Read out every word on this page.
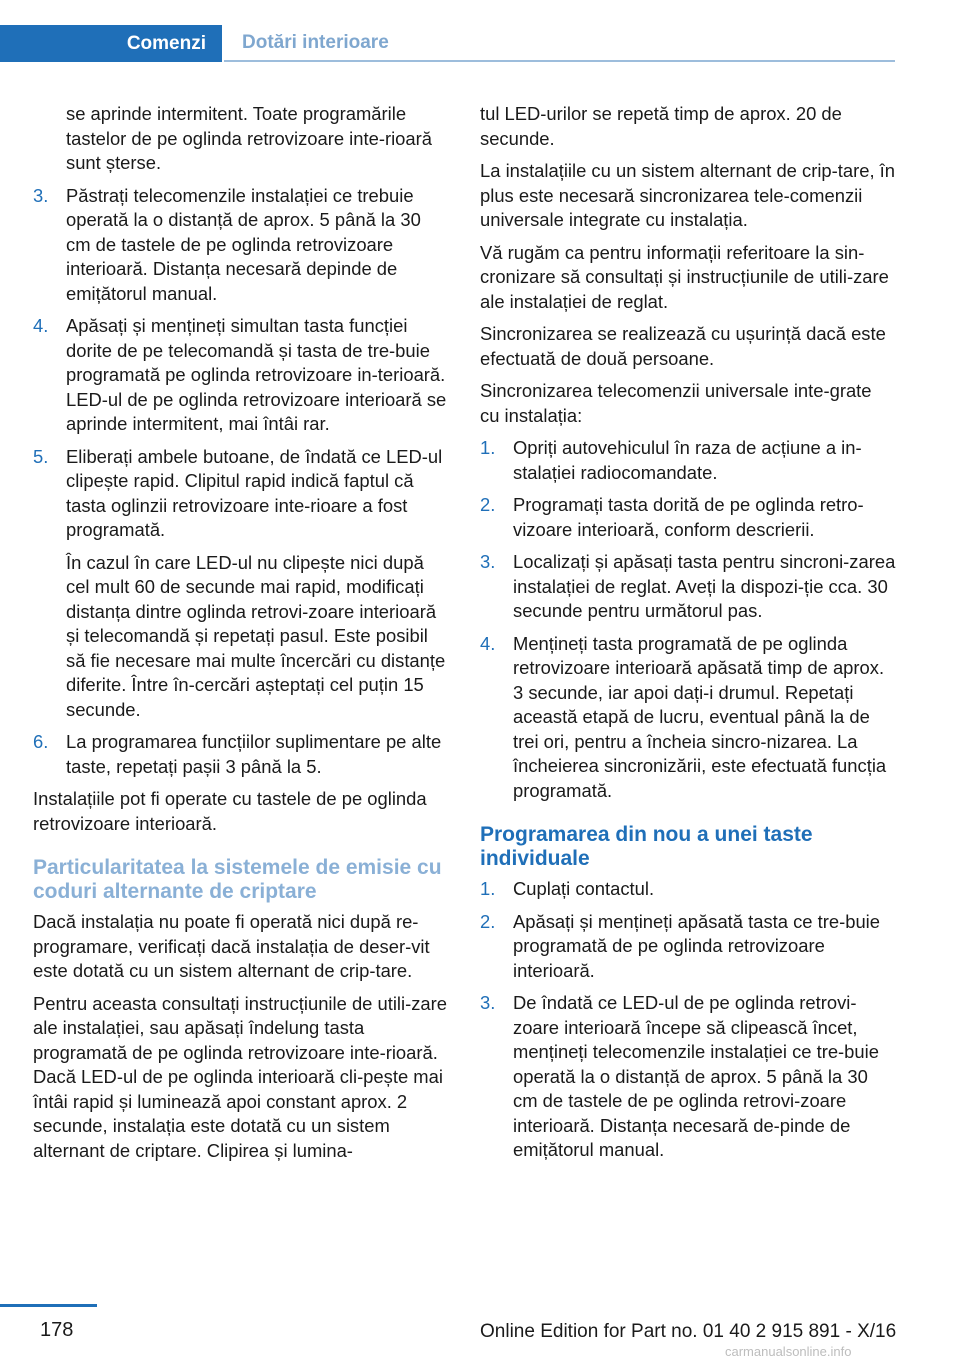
Comenzi	Dotări interioare

se aprinde intermitent. Toate programările tastelor de pe oglinda retrovizoare inte-rioară sunt șterse.

3. Păstrați telecomenzile instalației ce trebuie operată la o distanță de aprox. 5 până la 30 cm de tastele de pe oglinda retrovizoare interioară. Distanța necesară depinde de emițătorul manual.
4. Apăsați și mențineți simultan tasta funcției dorite de pe telecomandă și tasta de tre-buie programată pe oglinda retrovizoare in-terioară. LED-ul de pe oglinda retrovizoare interioară se aprinde intermitent, mai întâi rar.
5. Eliberați ambele butoane, de îndată ce LED-ul clipește rapid. Clipitul rapid indică faptul că tasta oglinzii retrovizoare inte-rioare a fost programată.
În cazul în care LED-ul nu clipește nici după cel mult 60 de secunde mai rapid, modificați distanța dintre oglinda retrovi-zoare interioară și telecomandă și repetați pasul. Este posibil să fie necesare mai multe încercări cu distanțe diferite. Între în-cercări așteptați cel puțin 15 secunde.
6. La programarea funcțiilor suplimentare pe alte taste, repetați pașii 3 până la 5.

Instalațiile pot fi operate cu tastele de pe oglinda retrovizoare interioară.

Particularitatea la sistemele de emisie cu coduri alternante de criptare

Dacă instalația nu poate fi operată nici după re-programare, verificați dacă instalația de deser-vit este dotată cu un sistem alternant de crip-tare.

Pentru aceasta consultați instrucțiunile de utili-zare ale instalației, sau apăsați îndelung tasta programată de pe oglinda retrovizoare inte-rioară. Dacă LED-ul de pe oglinda interioară cli-pește mai întâi rapid și luminează apoi constant aprox. 2 secunde, instalația este dotată cu un sistem alternant de criptare. Clipirea și lumina-

tul LED-urilor se repetă timp de aprox. 20 de secunde.

La instalațiile cu un sistem alternant de crip-tare, în plus este necesară sincronizarea tele-comenzii universale integrate cu instalația.

Vă rugăm ca pentru informații referitoare la sin-cronizare să consultați și instrucțiunile de utili-zare ale instalației de reglat.

Sincronizarea se realizează cu ușurință dacă este efectuată de două persoane.

Sincronizarea telecomenzii universale inte-grate cu instalația:

1. Opriți autovehiculul în raza de acțiune a in-stalației radiocomandate.
2. Programați tasta dorită de pe oglinda retro-vizoare interioară, conform descrierii.
3. Localizați și apăsați tasta pentru sincroni-zarea instalației de reglat. Aveți la dispozi-ție cca. 30 secunde pentru următorul pas.
4. Mențineți tasta programată de pe oglinda retrovizoare interioară apăsată timp de aprox. 3 secunde, iar apoi dați-i drumul. Repetați această etapă de lucru, eventual până la de trei ori, pentru a încheia sincro-nizarea. La încheierea sincronizării, este efectuată funcția programată.
Programarea din nou a unei taste individuale
1. Cuplați contactul.
2. Apăsați și mențineți apăsată tasta ce tre-buie programată de pe oglinda retrovizoare interioară.
3. De îndată ce LED-ul de pe oglinda retrovi-zoare interioară începe să clipească încet, mențineți telecomenzile instalației ce tre-buie operată la o distanță de aprox. 5 până la 30 cm de tastele de pe oglinda retrovi-zoare interioară. Distanța necesară de-pinde de emițătorul manual.
178	Online Edition for Part no. 01 40 2 915 891 - X/16
carmanualsonline.info
